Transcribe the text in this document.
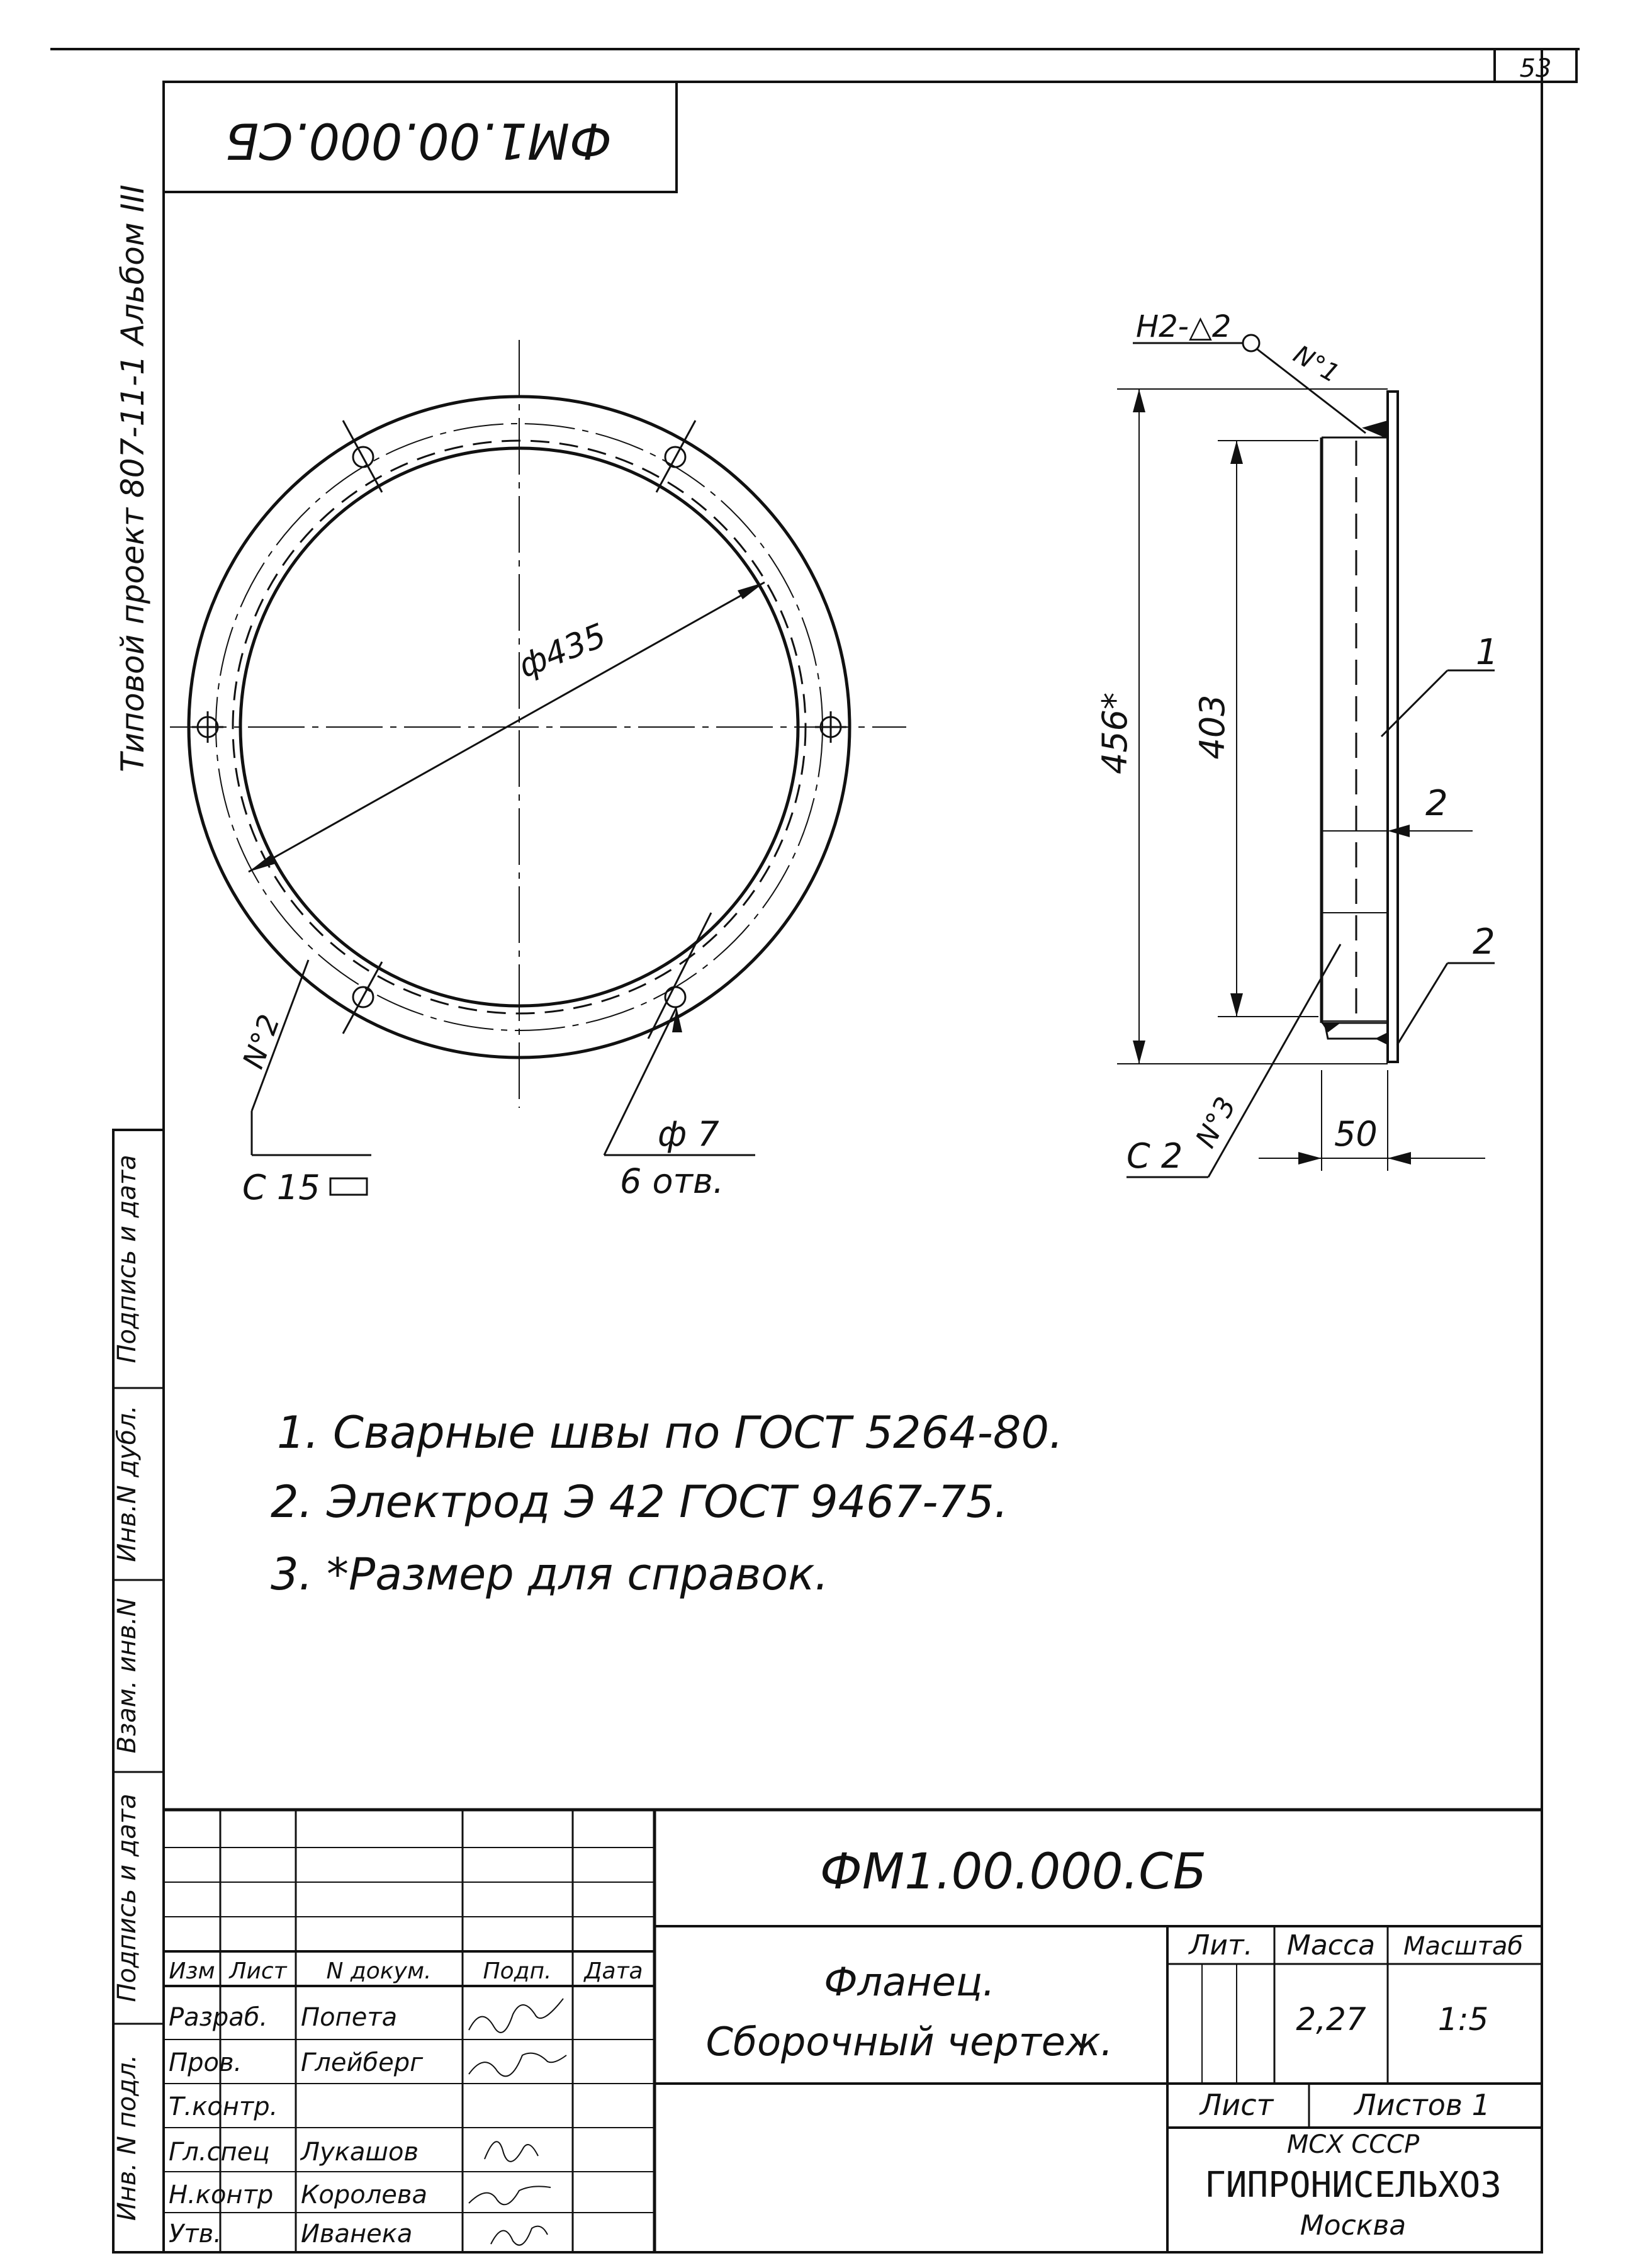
53
ФМ1.00.000.СБ
Типовой проект 807-11-1 Альбом III
Подпись и дата
Инв.N дубл.
Взам. инв.N
Подпись и дата
Инв. N подл.
ф435
N°2
С 15
ф 7
6 отв.
Н2-△2
N°1
456* 403
1
2
2
N°3
С 2
50
1. Сварные швы по ГОСТ 5264-80.
2. Электрод Э 42 ГОСТ 9467-75.
3. *Размер для справок.
ФМ1.00.000.СБ
Фланец.
Сборочный чертеж.
Изм Лист N докум. Подп. Дата
Разраб. Попета
Пров. Глейберг
Т.контр.
Гл.спец Лукашов
Н.контр Королева
Утв.	Иванека
Лит. Масса Масштаб
2,27 1:5
Лист	Листов 1
МСХ СССР
ГИПРОНИСЕЛЬХОЗ
Москва
